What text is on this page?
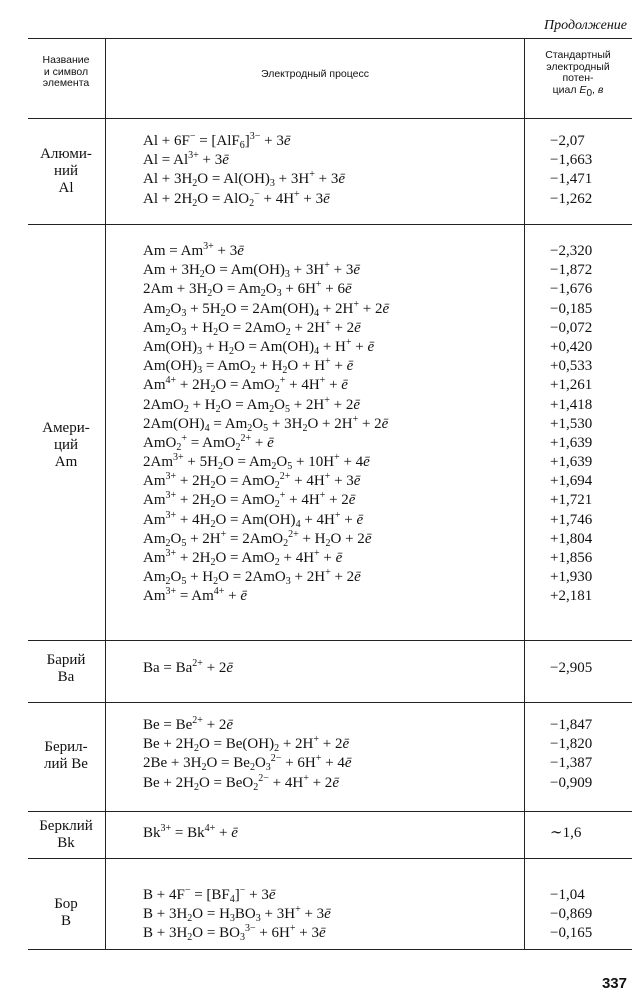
Продолжение
Название
и символ
элемента
Электродный процесс
Стандартный
электродный
потен-
циал $E_0$, в
Алюми-
ний
Al
$Al + 6F^- = [AlF_6]^{3-}$ + 3ē
$Al = Al^{3+}$ + 3ē
$Al + 3H_2O = Al(OH)_3 + 3H^+$ + 3ē
$Al + 2H_2O = AlO_2^- + 4H^+$ + 3ē
−2,07
−1,663
−1,471
−1,262
Амери-
ций
Am
$Am = Am^{3+}$ + 3ē
$Am + 3H_2O = Am(OH)_3 + 3H^+$ + 3ē
$2Am + 3H_2O = Am_2O_3 + 6H^+$ + 6ē
$Am_2O_3 + 5H_2O = 2Am(OH)_4 + 2H^+$ + 2ē
$Am_2O_3 + H_2O = 2AmO_2 + 2H^+$ + 2ē
$Am(OH)_3 + H_2O = Am(OH)_4 + H^+$ + ē
$Am(OH)_3 = AmO_2 + H_2O + H^+$ + ē
$Am^{4+} + 2H_2O = AmO_2^+ + 4H^+$ + ē
$2AmO_2 + H_2O = Am_2O_5 + 2H^+$ + 2ē
$2Am(OH)_4 = Am_2O_5 + 3H_2O + 2H^+$ + 2ē
AmO$_2$+ = AmO$_2^{2+}$ + ē
$2Am^{3+} + 5H_2O = Am_2O_5 + 10H^+$ + 4ē
$Am^{3+} + 2H_2O = AmO_2^{2+} + 4H^+$ + 3ē
$Am^{3+} + 2H_2O = AmO_2^+ + 4H^+$ + 2ē
$Am^{3+} + 4H_2O = Am(OH)_4 + 4H^+$ + ē
$Am_2O_5 + 2H^+ = 2AmO_2^{2+} + H_2O$ + 2ē
$Am^{3+} + 2H_2O = AmO_2 + 4H^+$ + ē
$Am_2O_5 + H_2O = 2AmO_3 + 2H^+$ + 2ē
$Am^{3+} = Am^{4+}$ + ē
−2,320
−1,872
−1,676
−0,185
−0,072
+0,420
+0,533
+1,261
+1,418
+1,530
+1,639
+1,639
+1,694
+1,721
+1,746
+1,804
+1,856
+1,930
+2,181
Барий
Ba
$Ba = Ba^{2+}$ + 2ē	−2,905
Берил-
лий Be
$Be = Be^{2+}$ + 2ē
$Be + 2H_2O = Be(OH)_2 + 2H^+$ + 2ē
$2Be + 3H_2O = Be_2O_3^{2-} + 6H^+$ + 4ē
$Be + 2H_2O = BeO_2^{2-} + 4H^+$ + 2ē
−1,847
−1,820
−1,387
−0,909
Берклий
Bk
$Bk^{3+} = Bk^{4+}$ + ē	∼1,6
Бор
B
$B + 4F^- = [BF_4]^-$ + 3ē
$B + 3H_2O = H_3BO_3 + 3H^+$ + 3ē
$B + 3H_2O = BO_3^{3-} + 6H^+$ + 3ē
−1,04
−0,869
−0,165
337
